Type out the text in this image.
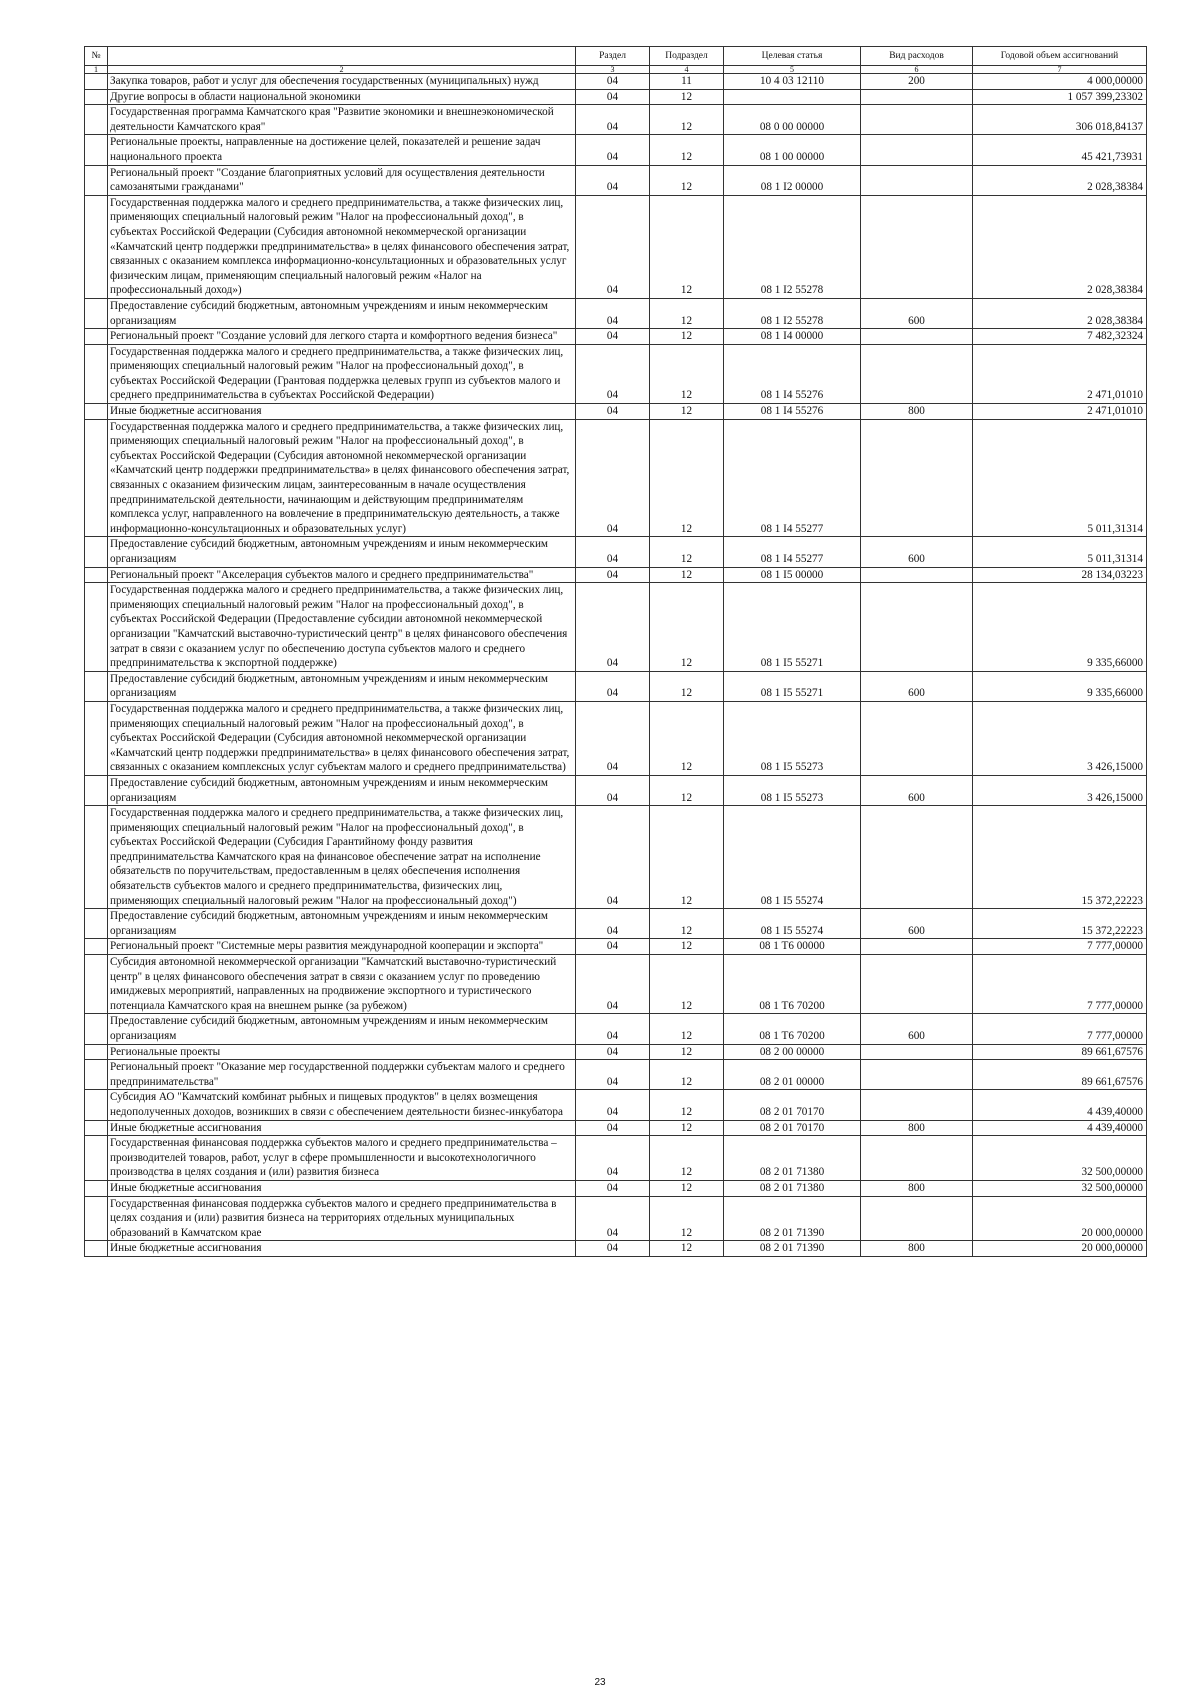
№		Раздел	Подраздел	Целевая статья	Вид расходов	Годовой объем ассигнований
1	2	3	4	5	6	7
	Закупка товаров, работ и услуг для обеспечения государственных (муниципальных) нужд	04	11	10 4 03 12110	200	4 000,00000
	Другие вопросы в области национальной экономики	04	12			1 057 399,23302
	Государственная программа Камчатского края "Развитие экономики и внешнеэкономической деятельности Камчатского края"	04	12	08 0 00 00000		306 018,84137
	Региональные проекты, направленные на достижение целей, показателей и решение задач национального проекта	04	12	08 1 00 00000		45 421,73931
	Региональный проект "Создание благоприятных условий для осуществления деятельности самозанятыми гражданами"	04	12	08 1 I2 00000		2 028,38384
	Государственная поддержка малого и среднего предпринимательства, а также физических лиц, применяющих специальный налоговый режим "Налог на профессиональный доход", в субъектах Российской Федерации (Субсидия автономной некоммерческой организации «Камчатский центр поддержки предпринимательства» в целях финансового обеспечения затрат, связанных с оказанием комплекса информационно-консультационных и образовательных услуг физическим лицам, применяющим специальный налоговый режим «Налог на профессиональный доход»)	04	12	08 1 I2 55278		2 028,38384
	Предоставление субсидий бюджетным, автономным учреждениям и иным некоммерческим организациям	04	12	08 1 I2 55278	600	2 028,38384
	Региональный проект "Создание условий для легкого старта и комфортного ведения бизнеса"	04	12	08 1 I4 00000		7 482,32324
	Государственная поддержка малого и среднего предпринимательства, а также физических лиц, применяющих специальный налоговый режим "Налог на профессиональный доход", в субъектах Российской Федерации (Грантовая поддержка целевых групп из субъектов малого и среднего предпринимательства в субъектах Российской Федерации)	04	12	08 1 I4 55276		2 471,01010
	Иные бюджетные ассигнования	04	12	08 1 I4 55276	800	2 471,01010
	Государственная поддержка малого и среднего предпринимательства, а также физических лиц, применяющих специальный налоговый режим "Налог на профессиональный доход", в субъектах Российской Федерации (Субсидия автономной некоммерческой организации «Камчатский центр поддержки предпринимательства» в целях финансового обеспечения затрат, связанных с оказанием физическим лицам, заинтересованным в начале осуществления предпринимательской деятельности, начинающим и действующим предпринимателям комплекса услуг, направленного на вовлечение в предпринимательскую деятельность, а также информационно-консультационных и образовательных услуг)	04	12	08 1 I4 55277		5 011,31314
	Предоставление субсидий бюджетным, автономным учреждениям и иным некоммерческим организациям	04	12	08 1 I4 55277	600	5 011,31314
	Региональный проект "Акселерация субъектов малого и среднего предпринимательства"	04	12	08 1 I5 00000		28 134,03223
	Государственная поддержка малого и среднего предпринимательства, а также физических лиц, применяющих специальный налоговый режим "Налог на профессиональный доход", в субъектах Российской Федерации (Предоставление субсидии автономной некоммерческой организации "Камчатский выставочно-туристический центр" в целях финансового обеспечения затрат в связи с оказанием услуг по обеспечению доступа субъектов малого и среднего предпринимательства к экспортной поддержке)	04	12	08 1 I5 55271		9 335,66000
	Предоставление субсидий бюджетным, автономным учреждениям и иным некоммерческим организациям	04	12	08 1 I5 55271	600	9 335,66000
	Государственная поддержка малого и среднего предпринимательства, а также физических лиц, применяющих специальный налоговый режим "Налог на профессиональный доход", в субъектах Российской Федерации (Субсидия автономной некоммерческой организации «Камчатский центр поддержки предпринимательства» в целях финансового обеспечения затрат, связанных с оказанием комплексных услуг субъектам малого и среднего предпринимательства)	04	12	08 1 I5 55273		3 426,15000
	Предоставление субсидий бюджетным, автономным учреждениям и иным некоммерческим организациям	04	12	08 1 I5 55273	600	3 426,15000
	Государственная поддержка малого и среднего предпринимательства, а также физических лиц, применяющих специальный налоговый режим "Налог на профессиональный доход", в субъектах Российской Федерации (Субсидия Гарантийному фонду развития предпринимательства Камчатского края на финансовое обеспечение затрат на исполнение обязательств по поручительствам, предоставленным в целях обеспечения исполнения обязательств субъектов малого и среднего предпринимательства, физических лиц, применяющих специальный налоговый режим "Налог на профессиональный доход")	04	12	08 1 I5 55274		15 372,22223
	Предоставление субсидий бюджетным, автономным учреждениям и иным некоммерческим организациям	04	12	08 1 I5 55274	600	15 372,22223
	Региональный проект "Системные меры развития международной кооперации и экспорта"	04	12	08 1 T6 00000		7 777,00000
	Субсидия автономной некоммерческой организации "Камчатский выставочно-туристический центр" в целях финансового обеспечения затрат в связи с оказанием услуг по проведению имиджевых мероприятий, направленных на продвижение экспортного и туристического потенциала Камчатского края на внешнем рынке (за рубежом)	04	12	08 1 T6 70200		7 777,00000
	Предоставление субсидий бюджетным, автономным учреждениям и иным некоммерческим организациям	04	12	08 1 T6 70200	600	7 777,00000
	Региональные проекты	04	12	08 2 00 00000		89 661,67576
	Региональный проект "Оказание мер государственной поддержки субъектам малого и среднего предпринимательства"	04	12	08 2 01 00000		89 661,67576
	Субсидия АО "Камчатский комбинат рыбных и пищевых продуктов" в целях возмещения недополученных доходов, возникших в связи с обеспечением деятельности бизнес-инкубатора	04	12	08 2 01 70170		4 439,40000
	Иные бюджетные ассигнования	04	12	08 2 01 70170	800	4 439,40000
	Государственная финансовая поддержка субъектов малого и среднего предпринимательства – производителей товаров, работ, услуг в сфере промышленности и высокотехнологичного производства в целях создания и (или) развития бизнеса	04	12	08 2 01 71380		32 500,00000
	Иные бюджетные ассигнования	04	12	08 2 01 71380	800	32 500,00000
	Государственная финансовая поддержка субъектов малого и среднего предпринимательства в целях создания и (или) развития бизнеса на территориях отдельных муниципальных образований в Камчатском крае	04	12	08 2 01 71390		20 000,00000
	Иные бюджетные ассигнования	04	12	08 2 01 71390	800	20 000,00000
23
